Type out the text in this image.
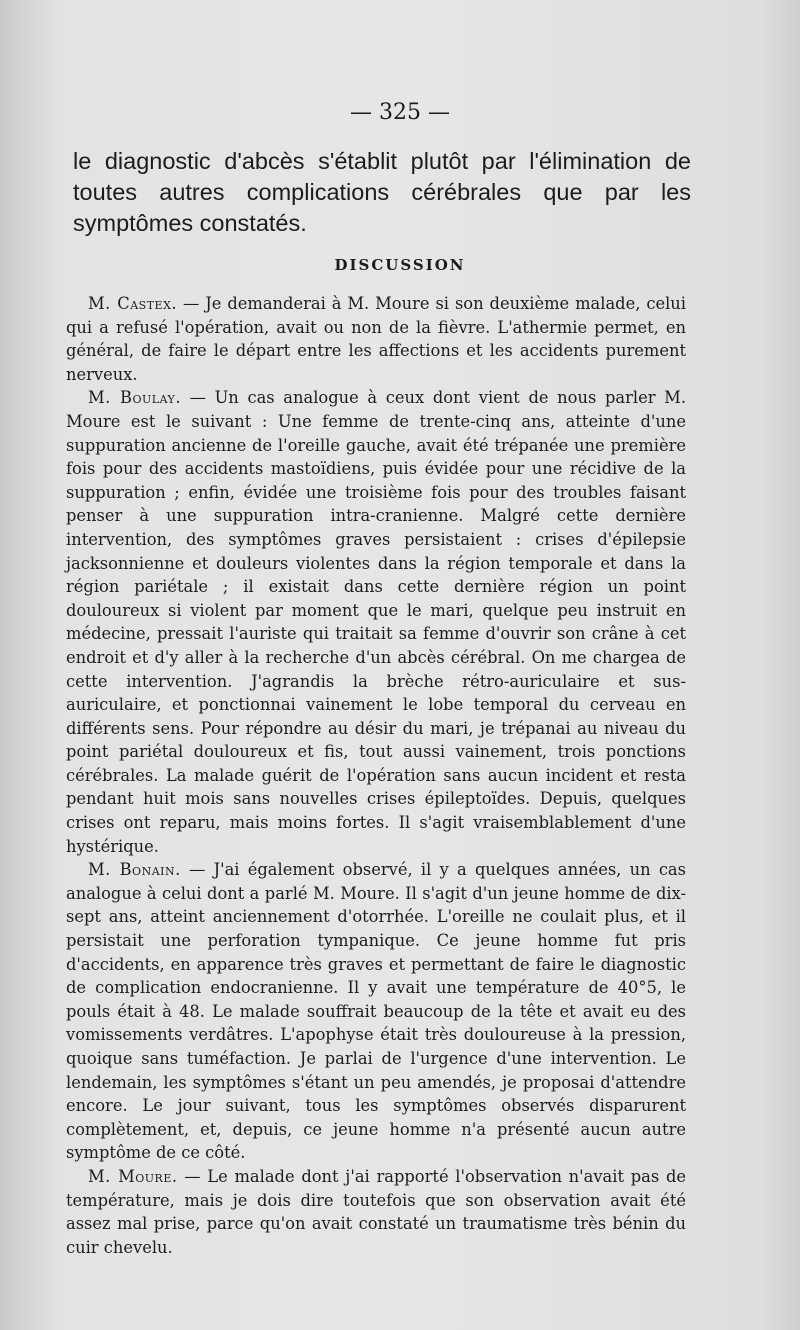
— 325 —
le diagnostic d'abcès s'établit plutôt par l'élimination de toutes autres complications cérébrales que par les symptômes constatés.
DISCUSSION

M. Castex. — Je demanderai à M. Moure si son deuxième malade, celui qui a refusé l'opération, avait ou non de la fièvre. L'athermie permet, en général, de faire le départ entre les affections et les accidents purement nerveux.

M. Boulay. — Un cas analogue à ceux dont vient de nous parler M. Moure est le suivant : Une femme de trente-cinq ans, atteinte d'une suppuration ancienne de l'oreille gauche, avait été trépanée une première fois pour des accidents mastoïdiens, puis évidée pour une récidive de la suppuration ; enfin, évidée une troisième fois pour des troubles faisant penser à une suppuration intra-cranienne. Malgré cette dernière intervention, des symptômes graves persistaient : crises d'épilepsie jacksonnienne et douleurs violentes dans la région temporale et dans la région pariétale ; il existait dans cette dernière région un point douloureux si violent par moment que le mari, quelque peu instruit en médecine, pressait l'auriste qui traitait sa femme d'ouvrir son crâne à cet endroit et d'y aller à la recherche d'un abcès cérébral. On me chargea de cette intervention. J'agrandis la brèche rétro-auriculaire et sus-auriculaire, et ponctionnai vainement le lobe temporal du cerveau en différents sens. Pour répondre au désir du mari, je trépanai au niveau du point pariétal douloureux et fis, tout aussi vainement, trois ponctions cérébrales. La malade guérit de l'opération sans aucun incident et resta pendant huit mois sans nouvelles crises épileptoïdes. Depuis, quelques crises ont reparu, mais moins fortes. Il s'agit vraisemblablement d'une hystérique.

M. Bonain. — J'ai également observé, il y a quelques années, un cas analogue à celui dont a parlé M. Moure. Il s'agit d'un jeune homme de dix-sept ans, atteint anciennement d'otorrhée. L'oreille ne coulait plus, et il persistait une perforation tympanique. Ce jeune homme fut pris d'accidents, en apparence très graves et permettant de faire le diagnostic de complication endocranienne. Il y avait une température de 40°5, le pouls était à 48. Le malade souffrait beaucoup de la tête et avait eu des vomissements verdâtres. L'apophyse était très douloureuse à la pression, quoique sans tuméfaction. Je parlai de l'urgence d'une intervention. Le lendemain, les symptômes s'étant un peu amendés, je proposai d'attendre encore. Le jour suivant, tous les symptômes observés disparurent complètement, et, depuis, ce jeune homme n'a présenté aucun autre symptôme de ce côté.

M. Moure. — Le malade dont j'ai rapporté l'observation n'avait pas de température, mais je dois dire toutefois que son observation avait été assez mal prise, parce qu'on avait constaté un traumatisme très bénin du cuir chevelu.
